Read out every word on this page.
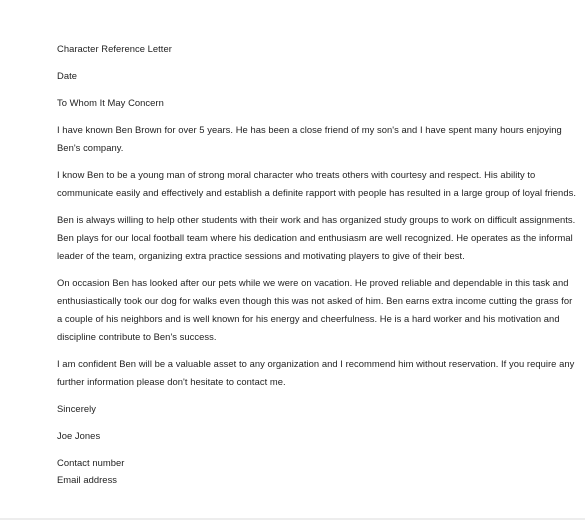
Character Reference Letter

Date

To Whom It May Concern

I have known Ben Brown for over 5 years. He has been a close friend of my son's and I have spent many hours enjoying
Ben's company.

I know Ben to be a young man of strong moral character who treats others with courtesy and respect. His ability to
communicate easily and effectively and establish a definite rapport with people has resulted in a large group of loyal friends.

Ben is always willing to help other students with their work and has organized study groups to work on difficult assignments.
Ben plays for our local football team where his dedication and enthusiasm are well recognized. He operates as the informal
leader of the team, organizing extra practice sessions and motivating players to give of their best.

On occasion Ben has looked after our pets while we were on vacation. He proved reliable and dependable in this task and
enthusiastically took our dog for walks even though this was not asked of him. Ben earns extra income cutting the grass for
a couple of his neighbors and is well known for his energy and cheerfulness. He is a hard worker and his motivation and
discipline contribute to Ben's success.

I am confident Ben will be a valuable asset to any organization and I recommend him without reservation. If you require any
further information please don't hesitate to contact me.

Sincerely

Joe Jones

Contact number
Email address
